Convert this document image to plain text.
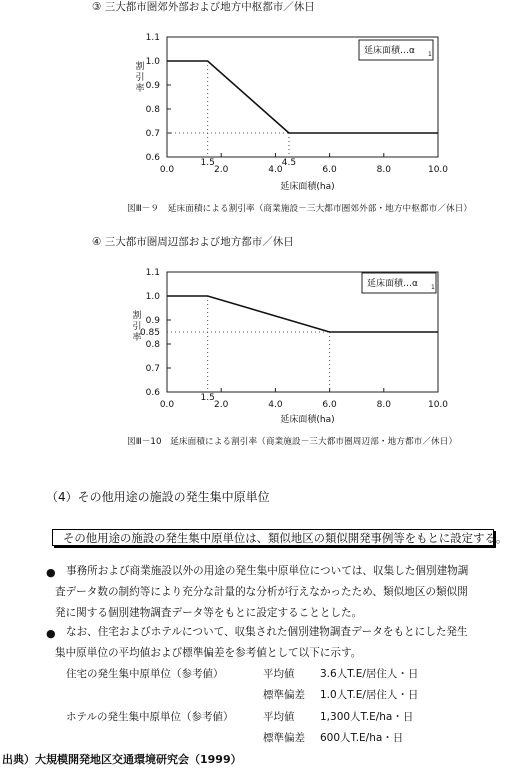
③ 三大都市圏郊外部および地方中枢都市／休日
0.6
0.7
0.8
0.9
1.0
1.1
0.0	2.0	4.0	6.0	8.0	10.0
1.5	4.5
割
引
率
延床面積(ha)
延床面積…α 1
図Ⅲ－９　延床面積による割引率（商業施設－三大都市圏郊外部・地方中枢都市／休日）
④ 三大都市圏周辺部および地方都市／休日
0.6
0.7
0.8
0.9
1.0
1.1
0.0	2.0	4.0	6.0	8.0	10.0
1.5
0.85
割
引
率
延床面積(ha)
延床面積…α 1
図Ⅲ－10　延床面積による割引率（商業施設－三大都市圏周辺部・地方都市／休日）
（4）その他用途の施設の発生集中原単位
その他用途の施設の発生集中原単位は、類似地区の類似開発事例等をもとに設定する。
● 事務所および商業施設以外の用途の発生集中原単位については、収集した個別建物調
査データ数の制約等により充分な計量的な分析が行えなかったため、類似地区の類似開
発に関する個別建物調査データ等をもとに設定することとした。
● なお、住宅およびホテルについて、収集された個別建物調査データをもとにした発生
集中原単位の平均値および標準偏差を参考値として以下に示す。
住宅の発生集中原単位（参考値）	平均値 3.6人T.E/居住人・日
標準偏差 1.0人T.E/居住人・日
ホテルの発生集中原単位（参考値）	平均値 1,300人T.E/ha・日
標準偏差 600人T.E/ha・日
出典）大規模開発地区交通環境研究会（1999）
